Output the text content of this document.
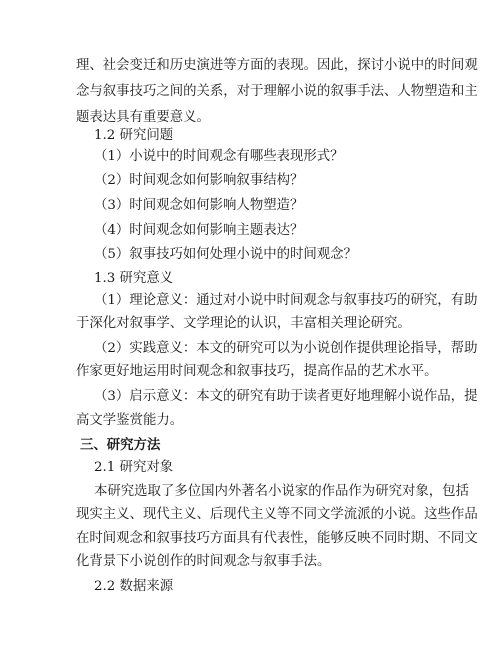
理、社会变迁和历史演进等方面的表现。因此，探讨小说中的时间观

念与叙事技巧之间的关系，对于理解小说的叙事手法、人物塑造和主

题表达具有重要意义。

1.2 研究问题

（1）小说中的时间观念有哪些表现形式？

（2）时间观念如何影响叙事结构？

（3）时间观念如何影响人物塑造？

（4）时间观念如何影响主题表达？

（5）叙事技巧如何处理小说中的时间观念？

1.3 研究意义

（1）理论意义：通过对小说中时间观念与叙事技巧的研究，有助

于深化对叙事学、文学理论的认识，丰富相关理论研究。

（2）实践意义：本文的研究可以为小说创作提供理论指导，帮助

作家更好地运用时间观念和叙事技巧，提高作品的艺术水平。

（3）启示意义：本文的研究有助于读者更好地理解小说作品，提

高文学鉴赏能力。

三、研究方法

2.1 研究对象

本研究选取了多位国内外著名小说家的作品作为研究对象，包括

现实主义、现代主义、后现代主义等不同文学流派的小说。这些作品

在时间观念和叙事技巧方面具有代表性，能够反映不同时期、不同文

化背景下小说创作的时间观念与叙事手法。

2.2 数据来源
